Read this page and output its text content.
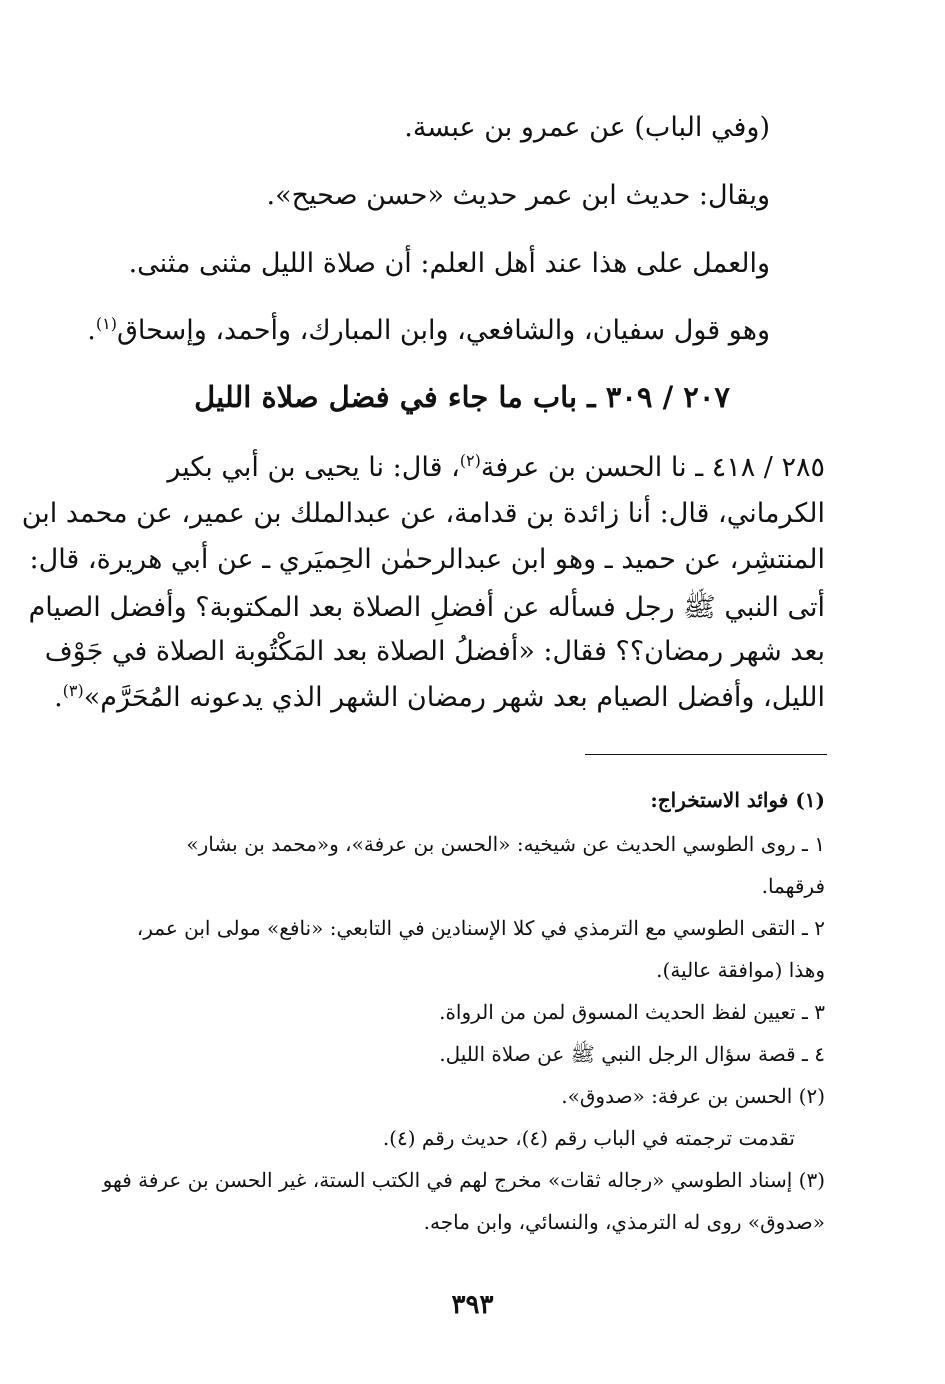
(وفي الباب) عن عمرو بن عبسة.
ويقال: حديث ابن عمر حديث «حسن صحيح».
والعمل على هذا عند أهل العلم: أن صلاة الليل مثنى مثنى.
وهو قول سفيان، والشافعي، وابن المبارك، وأحمد، وإسحاق$^{(١)}$.
٢٠٧ / ٣٠٩ ـ باب ما جاء في فضل صلاة الليل
٢٨٥ / ٤١٨ ـ نا الحسن بن عرفة$^{(٢)}$، قال: نا يحيى بن أبي بكير
الكرماني، قال: أنا زائدة بن قدامة، عن عبدالملك بن عمير، عن محمد ابن
المنتشِر، عن حميد ـ وهو ابن عبدالرحمٰن الحِميَري ـ عن أبي هريرة، قال:
أتى النبي ﷺ رجل فسأله عن أفضلِ الصلاة بعد المكتوبة؟ وأفضل الصيام
بعد شهر رمضان؟؟ فقال: «أفضلُ الصلاة بعد المَكْتُوبة الصلاة في جَوْف
الليل، وأفضل الصيام بعد شهر رمضان الشهر الذي يدعونه المُحَرَّم»$^{(٣)}$.
(١) فوائد الاستخراج:
١ ـ روى الطوسي الحديث عن شيخيه: «الحسن بن عرفة»، و«محمد بن بشار»
فرقهما.
٢ ـ التقى الطوسي مع الترمذي في كلا الإسنادين في التابعي: «نافع» مولى ابن عمر،
وهذا (موافقة عالية).
٣ ـ تعيين لفظ الحديث المسوق لمن من الرواة.
٤ ـ قصة سؤال الرجل النبي ﷺ عن صلاة الليل.
(٢) الحسن بن عرفة: «صدوق».
تقدمت ترجمته في الباب رقم (٤)، حديث رقم (٤).
(٣) إسناد الطوسي «رجاله ثقات» مخرج لهم في الكتب الستة، غير الحسن بن عرفة فهو
«صدوق» روى له الترمذي، والنسائي، وابن ماجه.
٣٩٣
